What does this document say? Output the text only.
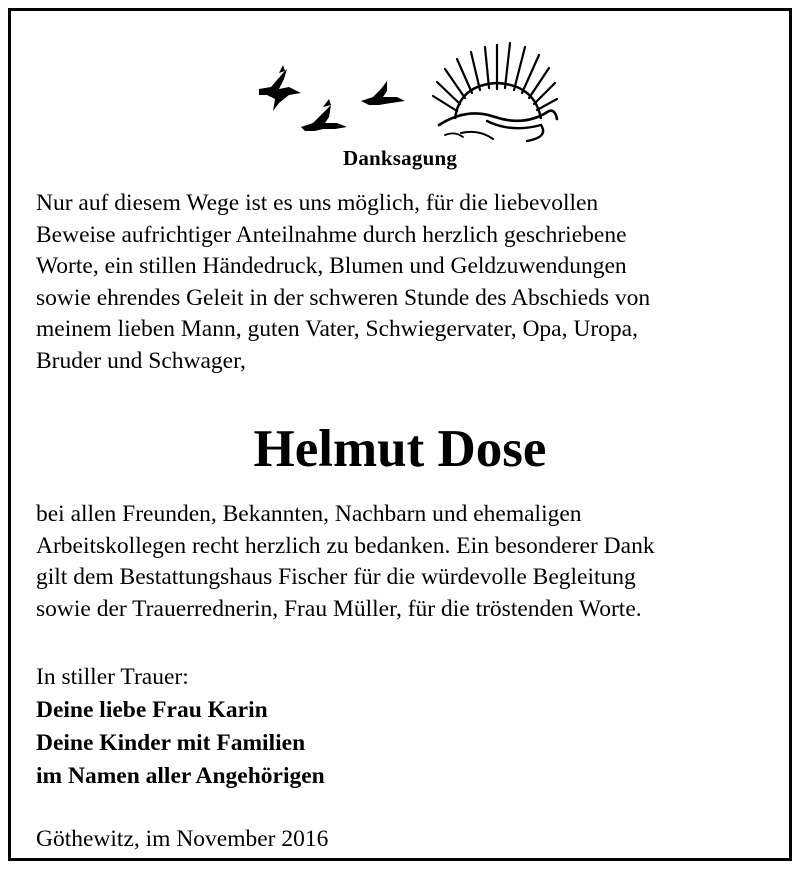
Danksagung

Nur auf diesem Wege ist es uns möglich, für die liebevollen
Beweise aufrichtiger Anteilnahme durch herzlich geschriebene
Worte, ein stillen Händedruck, Blumen und Geldzuwendungen
sowie ehrendes Geleit in der schweren Stunde des Abschieds von
meinem lieben Mann, guten Vater, Schwiegervater, Opa, Uropa,
Bruder und Schwager,

Helmut Dose

bei allen Freunden, Bekannten, Nachbarn und ehemaligen
Arbeitskollegen recht herzlich zu bedanken. Ein besonderer Dank
gilt dem Bestattungshaus Fischer für die würdevolle Begleitung
sowie der Trauerrednerin, Frau Müller, für die tröstenden Worte.

In stiller Trauer:
Deine liebe Frau Karin
Deine Kinder mit Familien
im Namen aller Angehörigen
Göthewitz, im November 2016
